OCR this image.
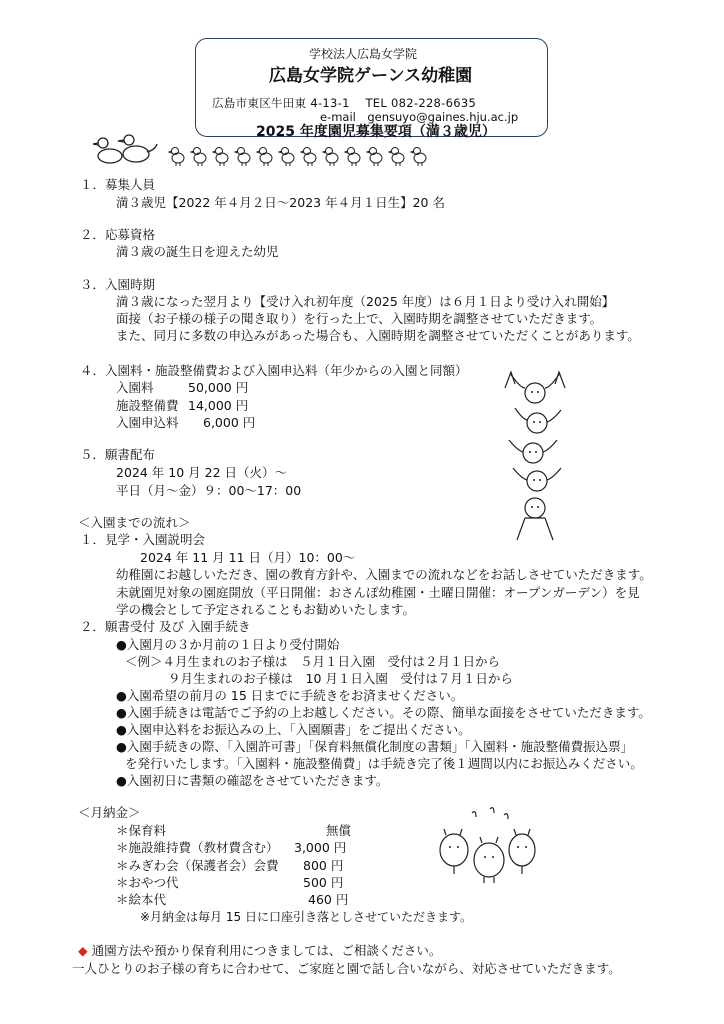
学校法人広島女学院
広島女学院ゲーンス幼稚園
広島市東区牛田東 4-13-1　 TEL 082-228-6635
e-mail　gensuyo@gaines.hju.ac.jp
2025 年度園児募集要項（満３歳児）
１．募集人員
満３歳児【2022 年４月２日～2023 年４月１日生】20 名
２．応募資格
満３歳の誕生日を迎えた幼児
３．入園時期
満３歳になった翌月より【受け入れ初年度（2025 年度）は６月１日より受け入れ開始】
面接（お子様の様子の聞き取り）を行った上で、入園時期を調整させていただきます。
また、同月に多数の申込みがあった場合も、入園時期を調整させていただくことがあります。
４．入園料・施設整備費および入園申込料（年少からの入園と同額）
入園料	50,000 円
施設整備費 14,000 円
入園申込料 6,000 円
５．願書配布
2024 年 10 月 22 日（火）～
平日（月～金）９：00～17：00
＜入園までの流れ＞
１．見学・入園説明会
2024 年 11 月 11 日（月）10：00～
幼稚園にお越しいただき、園の教育方針や、入園までの流れなどをお話しさせていただきます。
未就園児対象の園庭開放（平日開催：おさんぽ幼稚園・土曜日開催：オープンガーデン）を見
学の機会として予定されることもお勧めいたします。
２．願書受付 及び 入園手続き
●入園月の３か月前の１日より受付開始
＜例＞４月生まれのお子様は　５月１日入園　受付は２月１日から
９月生まれのお子様は　10 月１日入園　受付は７月１日から
●入園希望の前月の 15 日までに手続きをお済ませください。
●入園手続きは電話でご予約の上お越しください。その際、簡単な面接をさせていただきます。
●入園申込料をお振込みの上、「入園願書」をご提出ください。
●入園手続きの際、「入園許可書」「保育料無償化制度の書類」「入園料・施設整備費振込票」
を発行いたします。「入園料・施設整備費」は手続き完了後１週間以内にお振込みください。
●入園初日に書類の確認をさせていただきます。
＜月納金＞
＊保育料	無償
＊施設維持費（教材費含む） 3,000 円
＊みぎわ会（保護者会）会費 800 円
＊おやつ代	500 円
＊絵本代	460 円
※月納金は毎月 15 日に口座引き落としさせていただきます。
◆ 通園方法や預かり保育利用につきましては、ご相談ください。
一人ひとりのお子様の育ちに合わせて、ご家庭と園で話し合いながら、対応させていただきます。
